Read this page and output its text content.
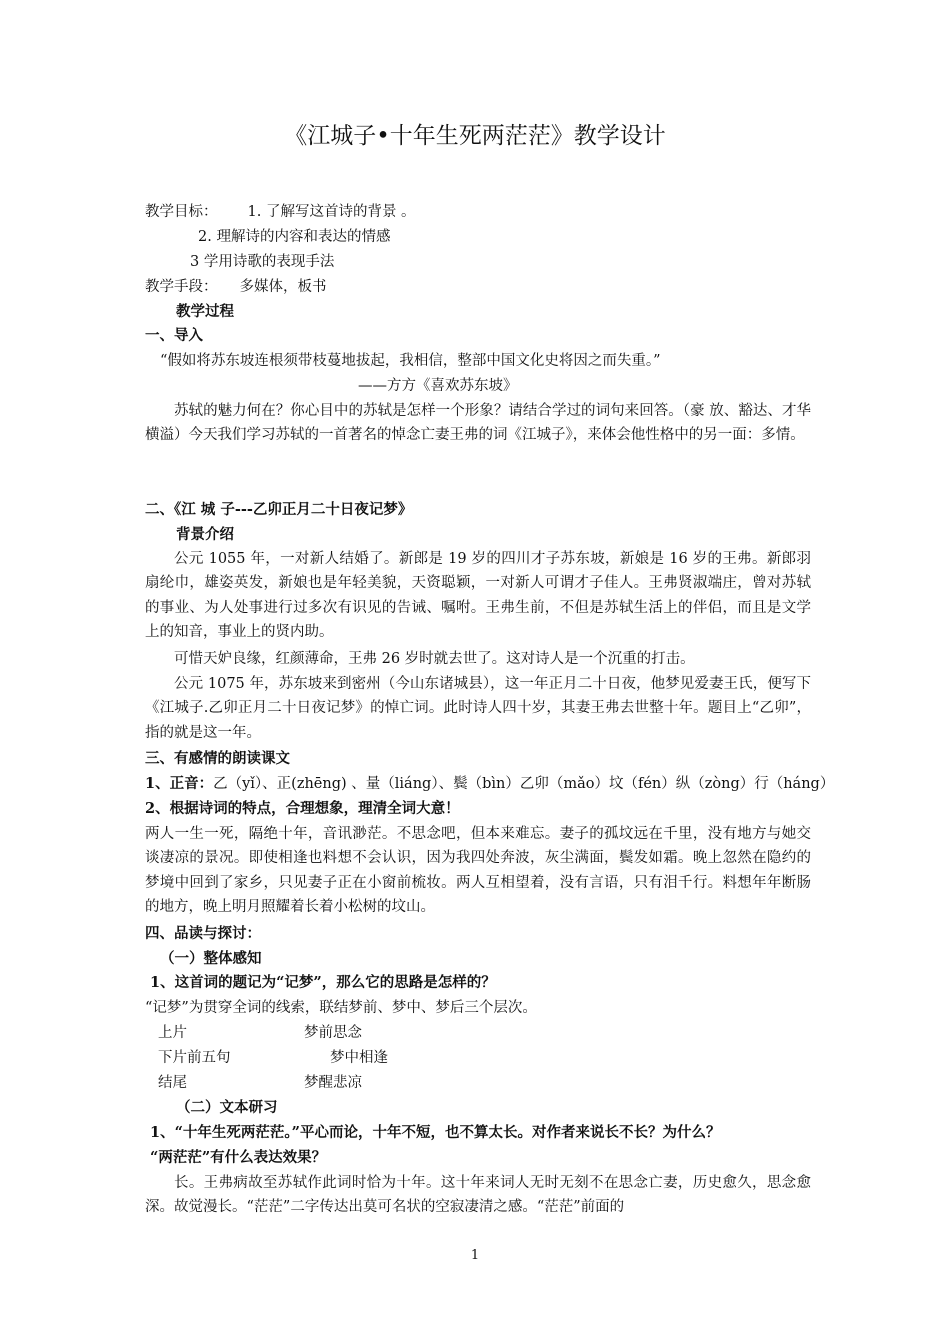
《江城子•十年生死两茫茫》教学设计
教学目标： 1. 了解写这首诗的背景 。
2. 理解诗的内容和表达的情感
3 学用诗歌的表现手法
教学手段： 多媒体，板书
教学过程
一、导入
“假如将苏东坡连根须带枝蔓地拔起，我相信，整部中国文化史将因之而失重。”
——方方《喜欢苏东坡》
苏轼的魅力何在？你心目中的苏轼是怎样一个形象？请结合学过的词句来回答。（豪 放、豁达、才华横溢）今天我们学习苏轼的一首著名的悼念亡妻王弗的词《江城子》，来体会他性格中的另一面：多情。
二、《江 城 子---乙卯正月二十日夜记梦》
背景介绍
公元 1055 年，一对新人结婚了。新郎是 19 岁的四川才子苏东坡，新娘是 16 岁的王弗。新郎羽扇纶巾，雄姿英发，新娘也是年轻美貌，天资聪颖，一对新人可谓才子佳人。王弗贤淑端庄，曾对苏轼的事业、为人处事进行过多次有识见的告诫、嘱咐。王弗生前，不但是苏轼生活上的伴侣，而且是文学上的知音，事业上的贤内助。
可惜天妒良缘，红颜薄命，王弗 26 岁时就去世了。这对诗人是一个沉重的打击。
公元 1075 年，苏东坡来到密州（今山东诸城县），这一年正月二十日夜，他梦见爱妻王氏，便写下《江城子.乙卯正月二十日夜记梦》的悼亡词。此时诗人四十岁，其妻王弗去世整十年。题目上“乙卯”，指的就是这一年。
三、有感情的朗读课文
1、正音：乙（yǐ）、正(zhēng) 、量（liáng）、鬓（bìn）乙卯（mǎo）坟（fén）纵（zòng）行（háng）
2、根据诗词的特点，合理想象，理清全词大意！
两人一生一死，隔绝十年，音讯渺茫。不思念吧，但本来难忘。妻子的孤坟远在千里，没有地方与她交谈凄凉的景况。即使相逢也料想不会认识，因为我四处奔波，灰尘满面，鬓发如霜。晚上忽然在隐约的梦境中回到了家乡，只见妻子正在小窗前梳妆。两人互相望着，没有言语，只有泪千行。料想年年断肠的地方，晚上明月照耀着长着小松树的坟山。
四、品读与探讨：
（一）整体感知
1、这首词的题记为“记梦”，那么它的思路是怎样的？
“记梦”为贯穿全词的线索，联结梦前、梦中、梦后三个层次。
上片	梦前思念
下片前五句	梦中相逢
结尾	梦醒悲凉
（二）文本研习
1、“十年生死两茫茫。”平心而论，十年不短，也不算太长。对作者来说长不长？为什么？
“两茫茫”有什么表达效果？
长。王弗病故至苏轼作此词时恰为十年。这十年来词人无时无刻不在思念亡妻，历史愈久，思念愈深。故觉漫长。“茫茫”二字传达出莫可名状的空寂凄清之感。“茫茫”前面的
1
